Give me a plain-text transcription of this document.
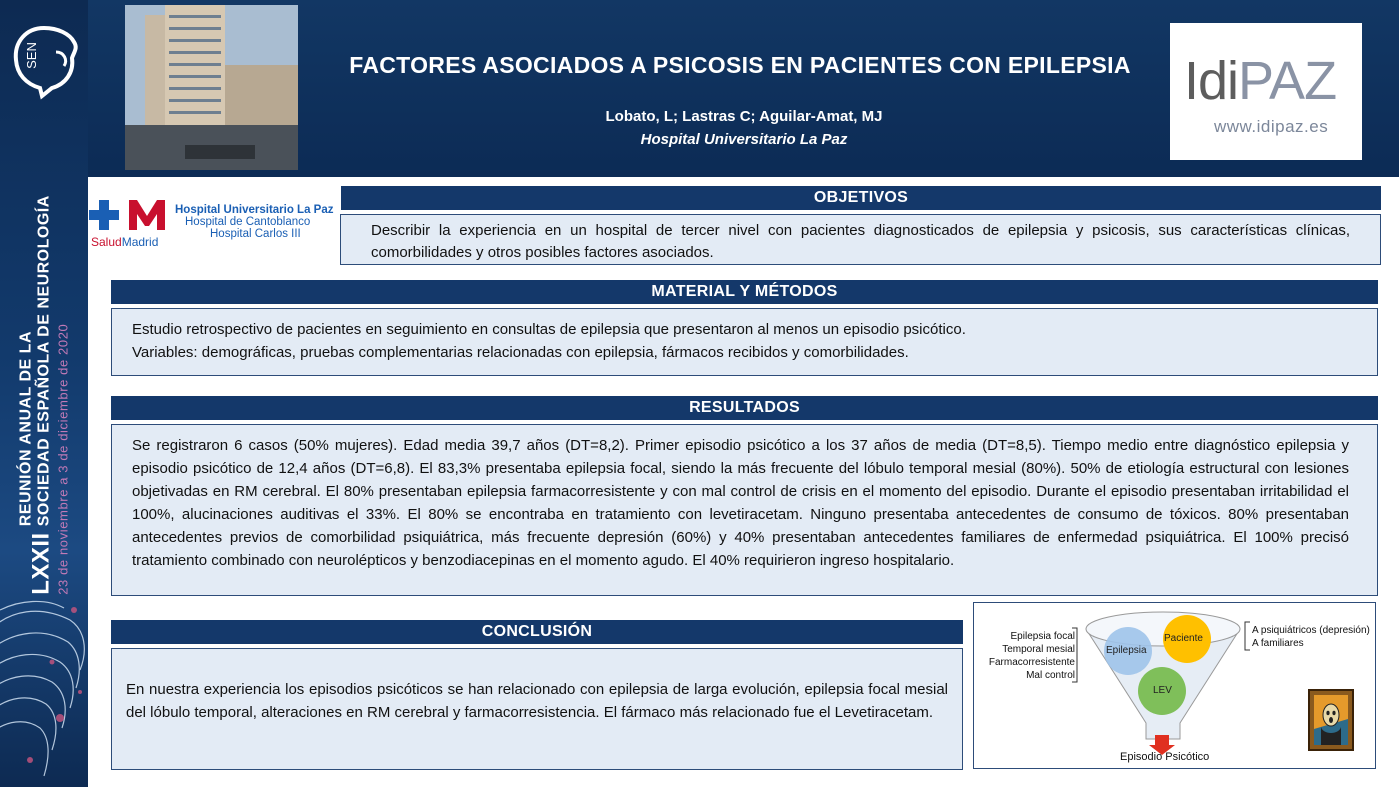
SEN
LXXII
REUNIÓN ANUAL DE LA SOCIEDAD ESPAÑOLA DE NEUROLOGÍA 23 de noviembre a 3 de diciembre de 2020
FACTORES ASOCIADOS A PSICOSIS EN PACIENTES CON EPILEPSIA
Lobato, L; Lastras C; Aguilar-Amat, MJ
Hospital Universitario La Paz
IdiPAZ
www.idipaz.es
SaludMadrid
Hospital Universitario La Paz
Hospital de Cantoblanco
Hospital Carlos III
OBJETIVOS
Describir la experiencia en un hospital de tercer nivel con pacientes diagnosticados de epilepsia y psicosis, sus características clínicas, comorbilidades y otros posibles factores asociados.
MATERIAL Y MÉTODOS
Estudio retrospectivo de pacientes en seguimiento en consultas de epilepsia que presentaron al menos un episodio psicótico.
Variables: demográficas, pruebas complementarias relacionadas con epilepsia, fármacos recibidos y comorbilidades.
RESULTADOS
Se registraron 6 casos (50% mujeres). Edad media 39,7 años (DT=8,2). Primer episodio psicótico a los 37 años de media (DT=8,5). Tiempo medio entre diagnóstico epilepsia y episodio psicótico de 12,4 años (DT=6,8). El 83,3% presentaba epilepsia focal, siendo la más frecuente del lóbulo temporal mesial (80%). 50% de etiología estructural con lesiones objetivadas en RM cerebral. El 80% presentaban epilepsia farmacorresistente y con mal control de crisis en el momento del episodio. Durante el episodio presentaban irritabilidad el 100%, alucinaciones auditivas el 33%. El 80% se encontraba en tratamiento con levetiracetam. Ninguno presentaba antecedentes de consumo de tóxicos. 80% presentaban antecedentes previos de comorbilidad psiquiátrica, más frecuente depresión (60%) y 40% presentaban antecedentes familiares de enfermedad psiquiátrica. El 100% precisó tratamiento combinado con neurolépticos y benzodiacepinas en el momento agudo. El 40% requirieron ingreso hospitalario.
CONCLUSIÓN
En nuestra experiencia los episodios psicóticos se han relacionado con epilepsia de larga evolución, epilepsia focal mesial del lóbulo temporal, alteraciones en RM cerebral y farmacorresistencia. El fármaco más relacionado fue el Levetiracetam.
Epilepsia focal
Temporal mesial
Farmacorresistente
Mal control
Epilepsia
Paciente
LEV
A psiquiátricos (depresión)
A familiares
Episodio Psicótico
